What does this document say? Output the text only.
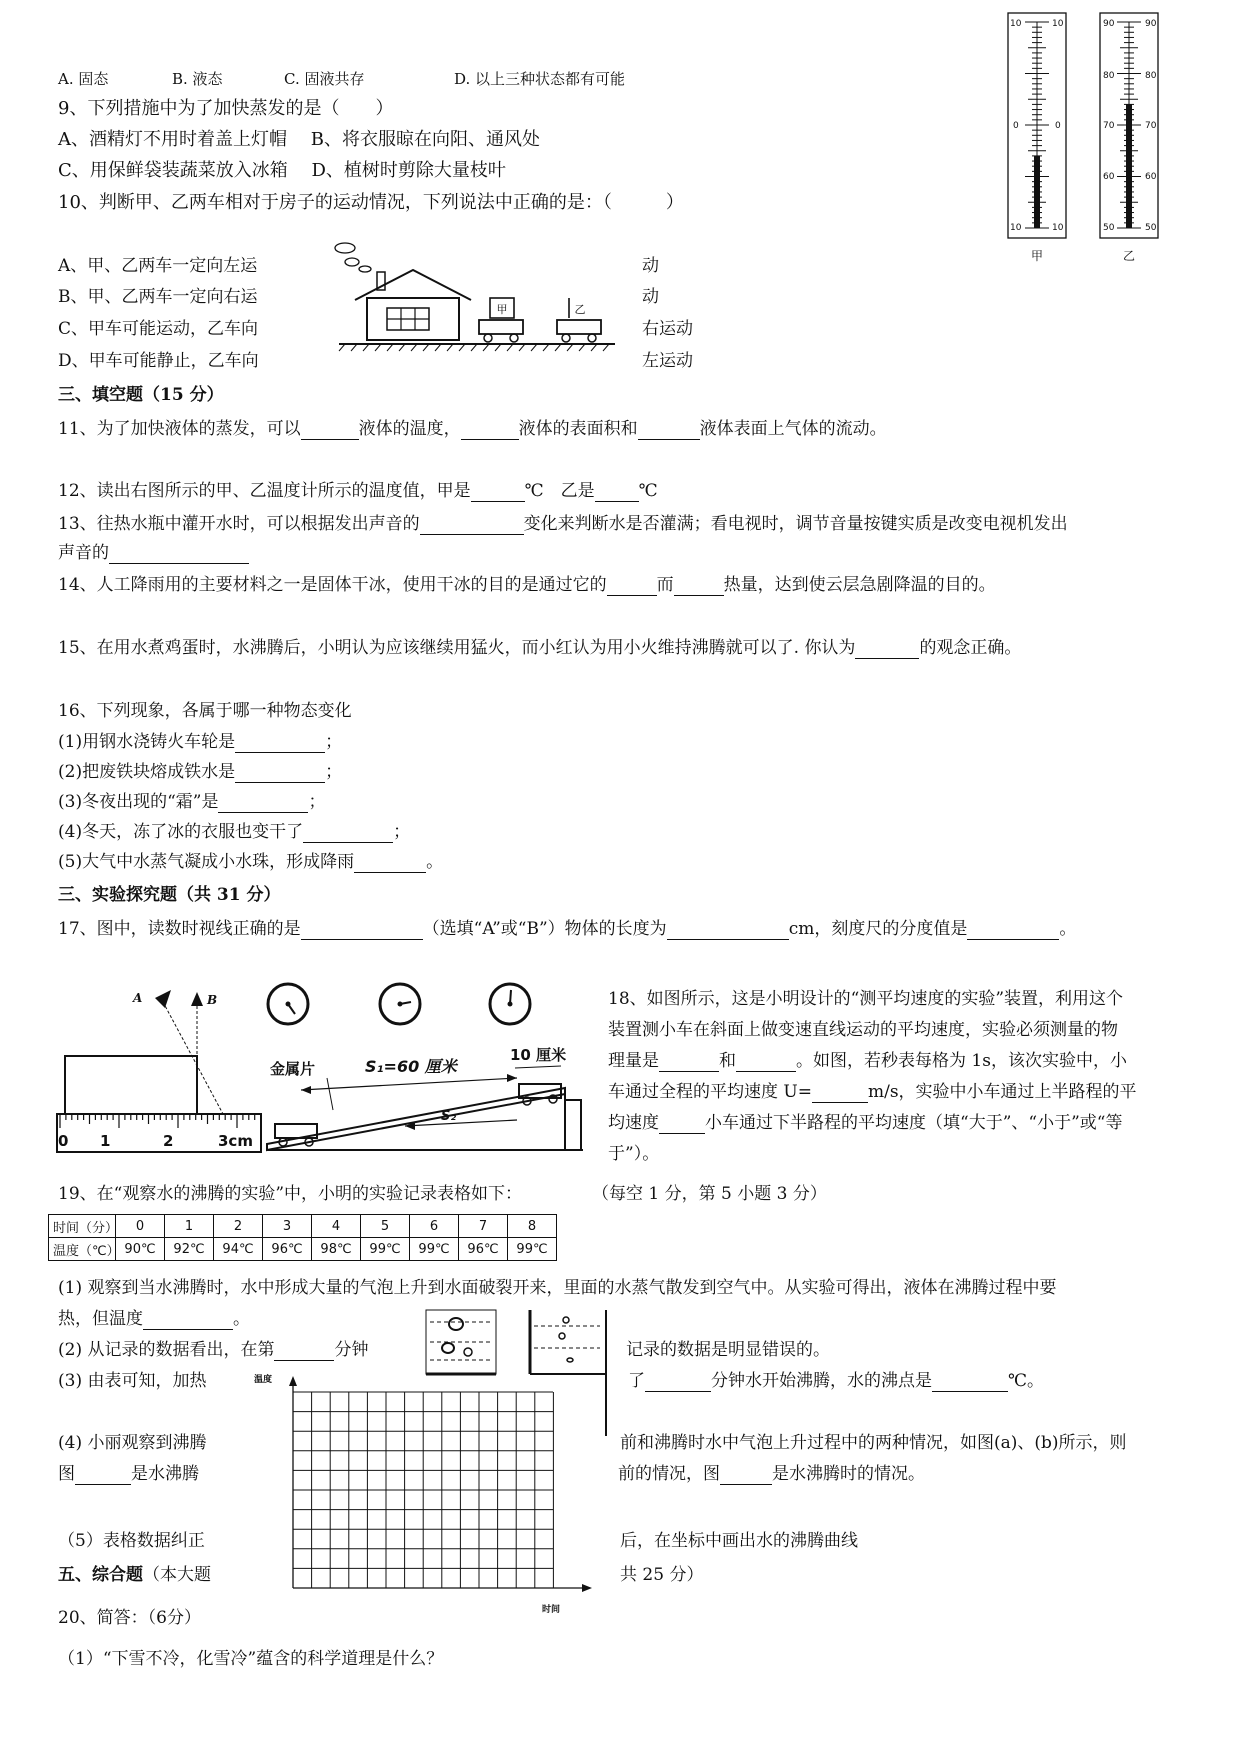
A. 固态	B. 液态	C. 固液共存	D. 以上三种状态都有可能
9、下列措施中为了加快蒸发的是（　　）
A、酒精灯不用时着盖上灯帽　 B、将衣服晾在向阳、通风处
C、用保鲜袋装蔬菜放入冰箱　 D、植树时剪除大量枝叶
10、判断甲、乙两车相对于房子的运动情况，下列说法中正确的是：（　　　）
A、甲、乙两车一定向左运
B、甲、乙两车一定向右运
C、甲车可能运动，乙车向
D、甲车可能静止，乙车向
动
动
右运动
左运动
甲	乙
10	10
0	0
10	10
90	90
80	80
70	70
60	60
50	50
甲	乙
三、填空题（15 分）
11、为了加快液体的蒸发，可以	液体的温度，	液体的表面积和	液体表面上气体的流动。
12、读出右图所示的甲、乙温度计所示的温度值，甲是	℃　乙是	℃
13、往热水瓶中灌开水时，可以根据发出声音的	变化来判断水是否灌满；看电视时，调节音量按键实质是改变电视机发出
声音的
14、人工降雨用的主要材料之一是固体干冰，使用干冰的目的是通过它的	而	热量，达到使云层急剧降温的目的。
15、在用水煮鸡蛋时，水沸腾后，小明认为应该继续用猛火，而小红认为用小火维持沸腾就可以了. 你认为	的观念正确。
16、下列现象，各属于哪一种物态变化
(1)用钢水浇铸火车轮是	；
(2)把废铁块熔成铁水是	；
(3)冬夜出现的“霜”是	；
(4)冬天，冻了冰的衣服也变干了	；
(5)大气中水蒸气凝成小水珠，形成降雨	。
三、实验探究题（共 31 分）
17、图中，读数时视线正确的是	（选填“A”或“B”）物体的长度为	cm，刻度尺的分度值是	。
A	B
0 1	2	3cm
金属片	S₁=60 厘米
10 厘米
S₂
18、如图所示，这是小明设计的“测平均速度的实验”装置，利用这个
装置测小车在斜面上做变速直线运动的平均速度，实验必须测量的物
理量是	和	。如图，若秒表每格为 1s，该次实验中，小
车通过全程的平均速度 U=	m/s，实验中小车通过上半路程的平
均速度	小车通过下半路程的平均速度（填“大于”、“小于”或“等
于”）。
19、在“观察水的沸腾的实验”中，小明的实验记录表格如下：	（每空 1 分，第 5 小题 3 分）
时间（分）	0	1	2	3	4	5	6	7	8
温度（℃）	90℃	92℃	94℃	96℃	98℃	99℃	99℃	96℃	99℃
(1) 观察到当水沸腾时，水中形成大量的气泡上升到水面破裂开来，里面的水蒸气散发到空气中。从实验可得出，液体在沸腾过程中要
热，但温度	。
(2) 从记录的数据看出，在第	分钟	记录的数据是明显错误的。
(3) 由表可知，加热	了	分钟水开始沸腾，水的沸点是	℃。
(4) 小丽观察到沸腾	前和沸腾时水中气泡上升过程中的两种情况，如图(a)、(b)所示，则
图	是水沸腾	前的情况，图	是水沸腾时的情况。
（5）表格数据纠正	后，在坐标中画出水的沸腾曲线
温度
时间
五、综合题（本大题	共 25 分）
20、简答：（6分）
（1）“下雪不冷，化雪冷”蕴含的科学道理是什么？
